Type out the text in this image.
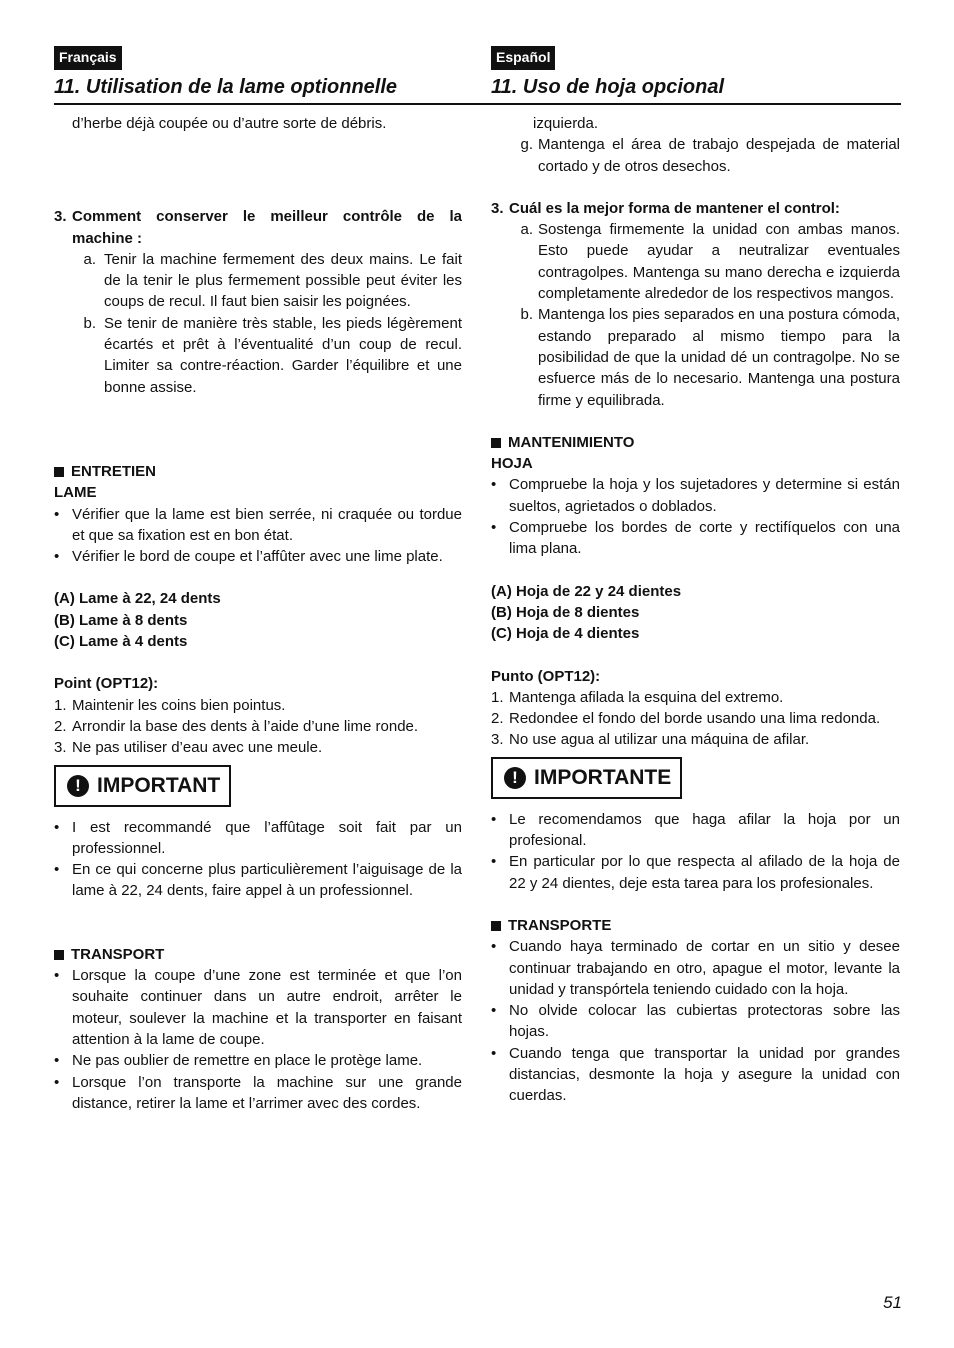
Français
11. Utilisation de la lame optionnelle
Español
11. Uso de hoja opcional

d’herbe déjà coupée ou d’autre sorte de débris.

3. Comment conserver le meilleur contrôle de la machine :
a. Tenir la machine fermement des deux mains. Le fait de la tenir le plus fermement possible peut éviter les coups de recul. Il faut bien saisir les poignées.
b. Se tenir de manière très stable, les pieds légèrement écartés et prêt à l’éventualité d’un coup de recul. Limiter sa contre-réaction. Garder l’équilibre et une bonne assise.

ENTRETIEN

LAME

• Vérifier que la lame est bien serrée, ni craquée ou tordue et que sa fixation est en bon état.
• Vérifier le bord de coupe et l’affûter avec une lime plate.

(A) Lame à 22, 24 dents

(B) Lame à 8 dents

(C) Lame à 4 dents

Point (OPT12):

1. Maintenir les coins bien pointus.
2. Arrondir la base des dents à l’aide d’une lime ronde.
3. Ne pas utiliser d’eau avec une meule.
! IMPORTANT
• I est recommandé que l’affûtage soit fait par un professionnel.
• En ce qui concerne plus particulièrement l’aiguisage de la lame à 22, 24 dents, faire appel à un professionnel.

TRANSPORT

• Lorsque la coupe d’une zone est terminée et que l’on souhaite continuer dans un autre endroit, arrêter le moteur, soulever la machine et la transporter en faisant attention à la lame de coupe.
• Ne pas oublier de remettre en place le protège lame.
• Lorsque l’on transporte la machine sur une grande distance, retirer la lame et l’arrimer avec des cordes.

izquierda.

g. Mantenga el área de trabajo despejada de material cortado y de otros desechos.
3. Cuál es la mejor forma de mantener el control:
a. Sostenga firmemente la unidad con ambas manos. Esto puede ayudar a neutralizar eventuales contragolpes. Mantenga su mano derecha e izquierda completamente alrededor de los respectivos mangos.
b. Mantenga los pies separados en una postura cómoda, estando preparado al mismo tiempo para la posibilidad de que la unidad dé un contragolpe. No se esfuerce más de lo necesario. Mantenga una postura firme y equilibrada.

MANTENIMIENTO

HOJA

• Compruebe la hoja y los sujetadores y determine si están sueltos, agrietados o doblados.
• Compruebe los bordes de corte y rectifíquelos con una lima plana.

(A) Hoja de 22 y 24 dientes

(B) Hoja de 8 dientes

(C) Hoja de 4 dientes

Punto (OPT12):

1. Mantenga afilada la esquina del extremo.
2. Redondee el fondo del borde usando una lima redonda.
3. No use agua al utilizar una máquina de afilar.
! IMPORTANTE
• Le recomendamos que haga afilar la hoja por un profesional.
• En particular por lo que respecta al afilado de la hoja de 22 y 24 dientes, deje esta tarea para los profesionales.

TRANSPORTE

• Cuando haya terminado de cortar en un sitio y desee continuar trabajando en otro, apague el motor, levante la unidad y transpórtela teniendo cuidado con la hoja.
• No olvide colocar las cubiertas protectoras sobre las hojas.
• Cuando tenga que transportar la unidad por grandes distancias, desmonte la hoja y asegure la unidad con cuerdas.
51
